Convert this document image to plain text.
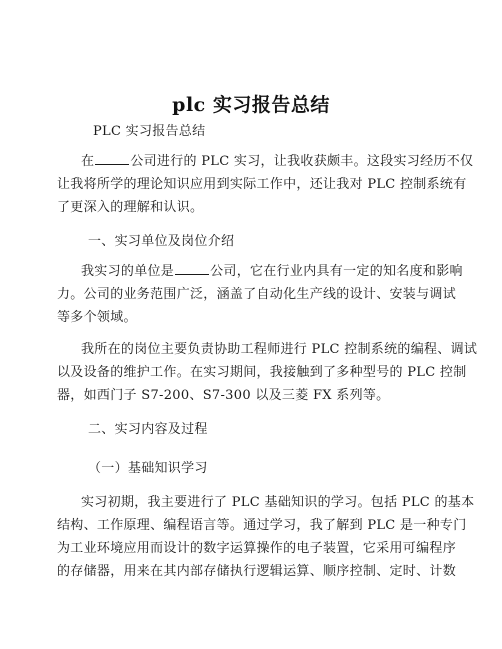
plc 实习报告总结
PLC 实习报告总结
在	公司进行的 PLC 实习，让我收获颇丰。这段实习经历不仅
让我将所学的理论知识应用到实际工作中，还让我对 PLC 控制系统有
了更深入的理解和认识。
一、实习单位及岗位介绍
我实习的单位是	公司，它在行业内具有一定的知名度和影响
力。公司的业务范围广泛，涵盖了自动化生产线的设计、安装与调试
等多个领域。
我所在的岗位主要负责协助工程师进行 PLC 控制系统的编程、调试
以及设备的维护工作。在实习期间，我接触到了多种型号的 PLC 控制
器，如西门子 S7-200、S7-300 以及三菱 FX 系列等。
二、实习内容及过程
（一）基础知识学习
实习初期，我主要进行了 PLC 基础知识的学习。包括 PLC 的基本
结构、工作原理、编程语言等。通过学习，我了解到 PLC 是一种专门
为工业环境应用而设计的数字运算操作的电子装置，它采用可编程序
的存储器，用来在其内部存储执行逻辑运算、顺序控制、定时、计数
